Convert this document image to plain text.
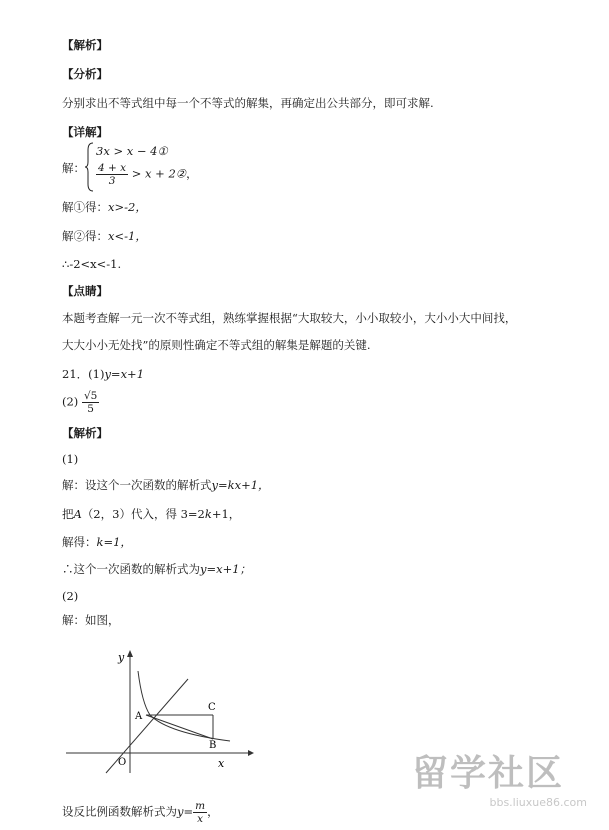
【解析】
【分析】
分别求出不等式组中每一个不等式的解集，再确定出公共部分，即可求解.
【详解】
解：
3x > x − 4①
$\frac{4 + x}{3} > x$ + 2②，
解①得：x>-2，
解②得：x<-1，
∴-2<x<-1.
【点睛】
本题考查解一元一次不等式组，熟练掌握根据“大取较大，小小取较小，大小小大中间找，
大大小小无处找”的原则性确定不等式组的解集是解题的关键.
21．(1)y=x+1
$(2) \frac{√5}{5}$
【解析】
(1)
解：设这个一次函数的解析式y=kx+1，
把A（2，3）代入，得 3=2k+1，
解得：k=1，
∴这个一次函数的解析式为y=x+1；
(2)
解：如图，
y
x
O
A
B
C
设反比例函数解析式为$y= \frac{m}{x}$ ，
留学社区
bbs.liuxue86.com
